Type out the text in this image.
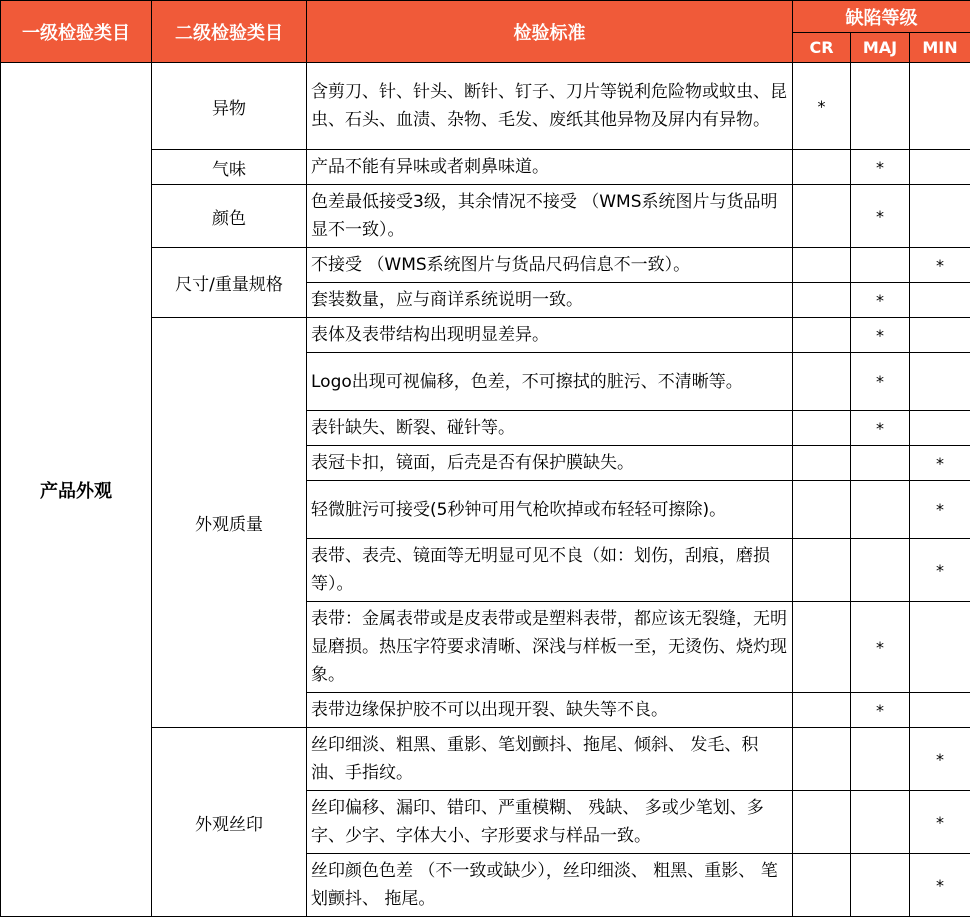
一级检验类目	二级检验类目	检验标准	缺陷等级		
			CR	MAJ	MIN
产品外观	异物	含剪刀、针、针头、断针、钉子、刀片等锐利危险物或蚊虫、昆虫、石头、血渍、杂物、毛发、废纸其他异物及屏内有异物。	*		
	气味	产品不能有异味或者刺鼻味道。		*	
	颜色	色差最低接受3级，其余情况不接受 （WMS系统图片与货品明显不一致）。		*	
	尺寸/重量规格	不接受 （WMS系统图片与货品尺码信息不一致）。			*
		套装数量，应与商详系统说明一致。		*	
	外观质量	表体及表带结构出现明显差异。		*	
		Logo出现可视偏移，色差，不可擦拭的脏污、不清晰等。		*	
		表针缺失、断裂、碰针等。		*	
		表冠卡扣，镜面，后壳是否有保护膜缺失。			*
		轻微脏污可接受(5秒钟可用气枪吹掉或布轻轻可擦除)。			*
		表带、表壳、镜面等无明显可见不良（如：划伤，刮痕，磨损等）。			*
		表带：金属表带或是皮表带或是塑料表带，都应该无裂缝，无明显磨损。热压字符要求清晰、深浅与样板一至，无烫伤、烧灼现象。		*	
		表带边缘保护胶不可以出现开裂、缺失等不良。		*	
	外观丝印	丝印细淡、粗黑、重影、笔划颤抖、拖尾、倾斜、 发毛、积油、手指纹。			*
		丝印偏移、漏印、错印、严重模糊、 残缺、 多或少笔划、多字、少字、字体大小、字形要求与样品一致。			*
		丝印颜色色差 （不一致或缺少），丝印细淡、 粗黑、重影、 笔划颤抖、 拖尾。			*
